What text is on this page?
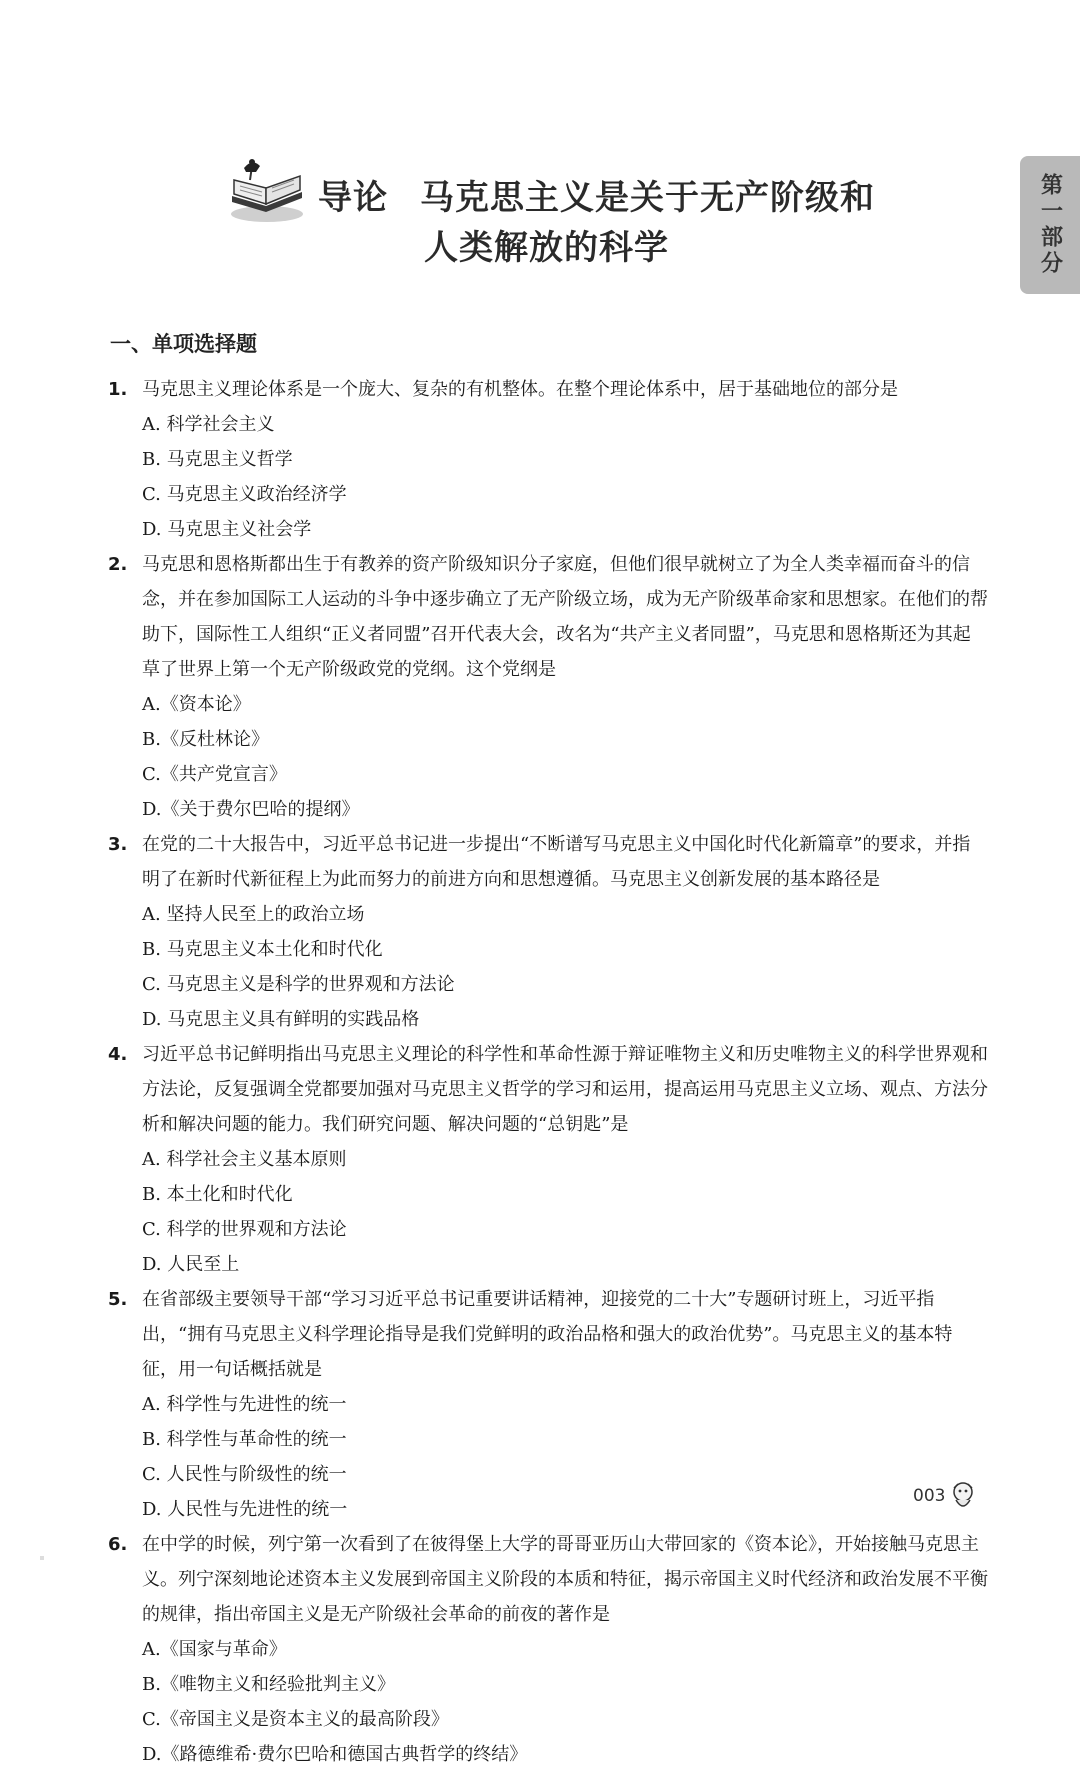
导论 马克思主义是关于无产阶级和
人类解放的科学	第一部分
一、单项选择题
1. 马克思主义理论体系是一个庞大、复杂的有机整体。在整个理论体系中，居于基础地位的部分是
A. 科学社会主义
B. 马克思主义哲学
C. 马克思主义政治经济学
D. 马克思主义社会学
2. 马克思和恩格斯都出生于有教养的资产阶级知识分子家庭，但他们很早就树立了为全人类幸福而奋斗的信念，并在参加国际工人运动的斗争中逐步确立了无产阶级立场，成为无产阶级革命家和思想家。在他们的帮助下，国际性工人组织“正义者同盟”召开代表大会，改名为“共产主义者同盟”，马克思和恩格斯还为其起草了世界上第一个无产阶级政党的党纲。这个党纲是
A.《资本论》
B.《反杜林论》
C.《共产党宣言》
D.《关于费尔巴哈的提纲》
3. 在党的二十大报告中，习近平总书记进一步提出“不断谱写马克思主义中国化时代化新篇章”的要求，并指明了在新时代新征程上为此而努力的前进方向和思想遵循。马克思主义创新发展的基本路径是
A. 坚持人民至上的政治立场
B. 马克思主义本土化和时代化
C. 马克思主义是科学的世界观和方法论
D. 马克思主义具有鲜明的实践品格
4. 习近平总书记鲜明指出马克思主义理论的科学性和革命性源于辩证唯物主义和历史唯物主义的科学世界观和方法论，反复强调全党都要加强对马克思主义哲学的学习和运用，提高运用马克思主义立场、观点、方法分析和解决问题的能力。我们研究问题、解决问题的“总钥匙”是
A. 科学社会主义基本原则
B. 本土化和时代化
C. 科学的世界观和方法论
D. 人民至上
5. 在省部级主要领导干部“学习习近平总书记重要讲话精神，迎接党的二十大”专题研讨班上，习近平指出，“拥有马克思主义科学理论指导是我们党鲜明的政治品格和强大的政治优势”。马克思主义的基本特征，用一句话概括就是
A. 科学性与先进性的统一
B. 科学性与革命性的统一
C. 人民性与阶级性的统一
D. 人民性与先进性的统一
6. 在中学的时候，列宁第一次看到了在彼得堡上大学的哥哥亚历山大带回家的《资本论》，开始接触马克思主义。列宁深刻地论述资本主义发展到帝国主义阶段的本质和特征，揭示帝国主义时代经济和政治发展不平衡的规律，指出帝国主义是无产阶级社会革命的前夜的著作是
A.《国家与革命》
B.《唯物主义和经验批判主义》
C.《帝国主义是资本主义的最高阶段》
D.《路德维希·费尔巴哈和德国古典哲学的终结》
003
